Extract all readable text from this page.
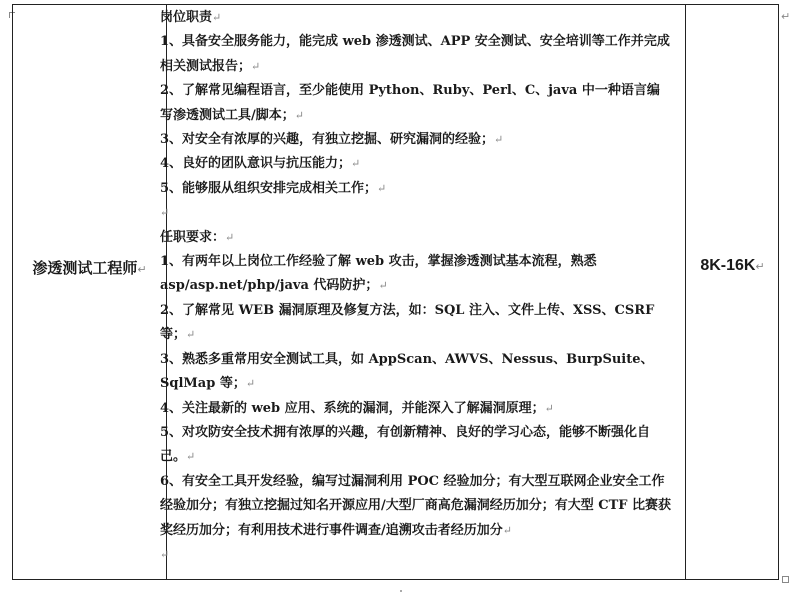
↵
渗透测试工程师↵	8K-16K↵

岗位职责↵

1、具备安全服务能力，能完成 web 渗透测试、APP 安全测试、安全培训等工作并完成相关测试报告；↵

2、了解常见编程语言，至少能使用 Python、Ruby、Perl、C、java 中一种语言编写渗透测试工具/脚本；↵

3、对安全有浓厚的兴趣，有独立挖掘、研究漏洞的经验；↵

4、良好的团队意识与抗压能力；↵

5、能够服从组织安排完成相关工作；↵

↵

任职要求：↵

1、有两年以上岗位工作经验了解 web 攻击，掌握渗透测试基本流程，熟悉 asp/asp.net/php/java 代码防护；↵

2、了解常见 WEB 漏洞原理及修复方法，如：SQL 注入、文件上传、XSS、CSRF 等；↵

3、熟悉多重常用安全测试工具，如 AppScan、AWVS、Nessus、BurpSuite、SqlMap 等；↵

4、关注最新的 web 应用、系统的漏洞，并能深入了解漏洞原理；↵

5、对攻防安全技术拥有浓厚的兴趣，有创新精神、良好的学习心态，能够不断强化自己。↵

6、有安全工具开发经验，编写过漏洞利用 POC 经验加分；有大型互联网企业安全工作经验加分；有独立挖掘过知名开源应用/大型厂商高危漏洞经历加分；有大型 CTF 比赛获奖经历加分；有利用技术进行事件调查/追溯攻击者经历加分↵

↵
